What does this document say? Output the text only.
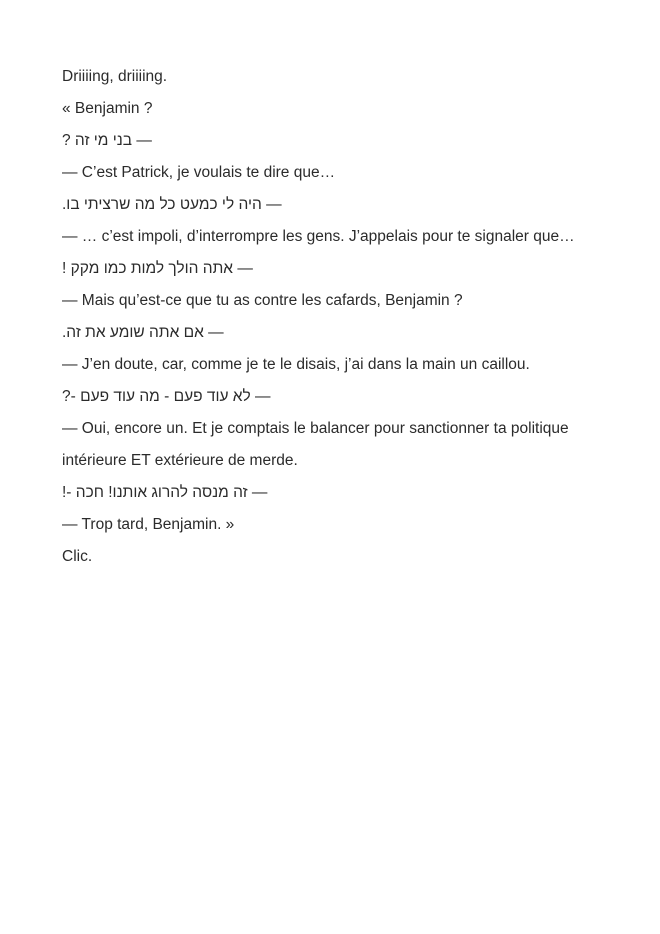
Driiiing, driiiing.

« Benjamin ?

— בני מי זה ?

— C’est Patrick, je voulais te dire que…

— היה לי כמעט כל מה שרציתי בו.

— … c’est impoli, d’interrompre les gens. J’appelais pour te signaler que…

— אתה הולך למות כמו מקק !

— Mais qu’est-ce que tu as contre les cafards, Benjamin ?

— אם אתה שומע את זה.

— J’en doute, car, comme je te le disais, j’ai dans la main un caillou.

— לא עוד פעם - מה עוד פעם -?

— Oui, encore un. Et je comptais le balancer pour sanctionner ta politique intérieure ET extérieure de merde.

— זה מנסה להרוג אותנו! חכה -!

— Trop tard, Benjamin. »

Clic.
